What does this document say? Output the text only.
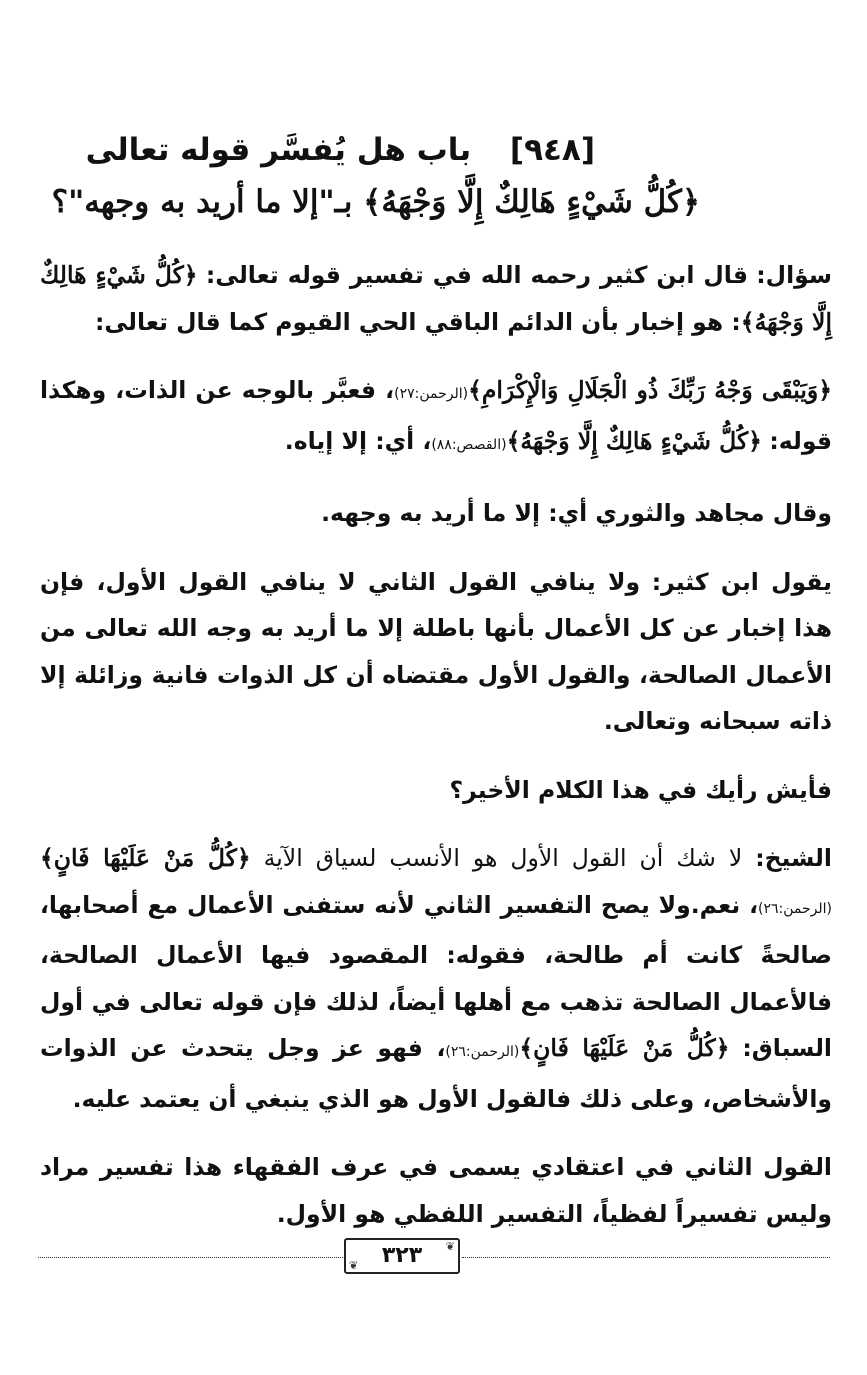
[٩٤٨] باب هل يُفسَّر قوله تعالى
﴿كُلُّ شَيْءٍ هَالِكٌ إِلَّا وَجْهَهُ﴾ بـ"إلا ما أريد به وجهه"؟

سؤال: قال ابن كثير رحمه الله في تفسير قوله تعالى: ﴿كُلُّ شَيْءٍ هَالِكٌ إِلَّا وَجْهَهُ﴾: هو إخبار بأن الدائم الباقي الحي القيوم كما قال تعالى:

﴿وَيَبْقَى وَجْهُ رَبِّكَ ذُو الْجَلَالِ وَالْإِكْرَامِ﴾(الرحمن:٢٧)، فعبَّر بالوجه عن الذات، وهكذا قوله: ﴿كُلُّ شَيْءٍ هَالِكٌ إِلَّا وَجْهَهُ﴾(القصص:٨٨)، أي: إلا إياه.

وقال مجاهد والثوري أي: إلا ما أريد به وجهه.

يقول ابن كثير: ولا ينافي القول الثاني لا ينافي القول الأول، فإن هذا إخبار عن كل الأعمال بأنها باطلة إلا ما أريد به وجه الله تعالى من الأعمال الصالحة، والقول الأول مقتضاه أن كل الذوات فانية وزائلة إلا ذاته سبحانه وتعالى.

فأيش رأيك في هذا الكلام الأخير؟

الشيخ: لا شك أن القول الأول هو الأنسب لسياق الآية ﴿كُلُّ مَنْ عَلَيْهَا فَانٍ﴾(الرحمن:٢٦)، نعم.ولا يصح التفسير الثاني لأنه ستفنى الأعمال مع أصحابها، صالحةً كانت أم طالحة، فقوله: المقصود فيها الأعمال الصالحة، فالأعمال الصالحة تذهب مع أهلها أيضاً، لذلك فإن قوله تعالى في أول السباق: ﴿كُلُّ مَنْ عَلَيْهَا فَانٍ﴾(الرحمن:٢٦)، فهو عز وجل يتحدث عن الذوات والأشخاص، وعلى ذلك فالقول الأول هو الذي ينبغي أن يعتمد عليه.

القول الثاني في اعتقادي يسمى في عرف الفقهاء هذا تفسير مراد وليس تفسيراً لفظياً، التفسير اللفظي هو الأول.

❦
٣٢٣
❦
